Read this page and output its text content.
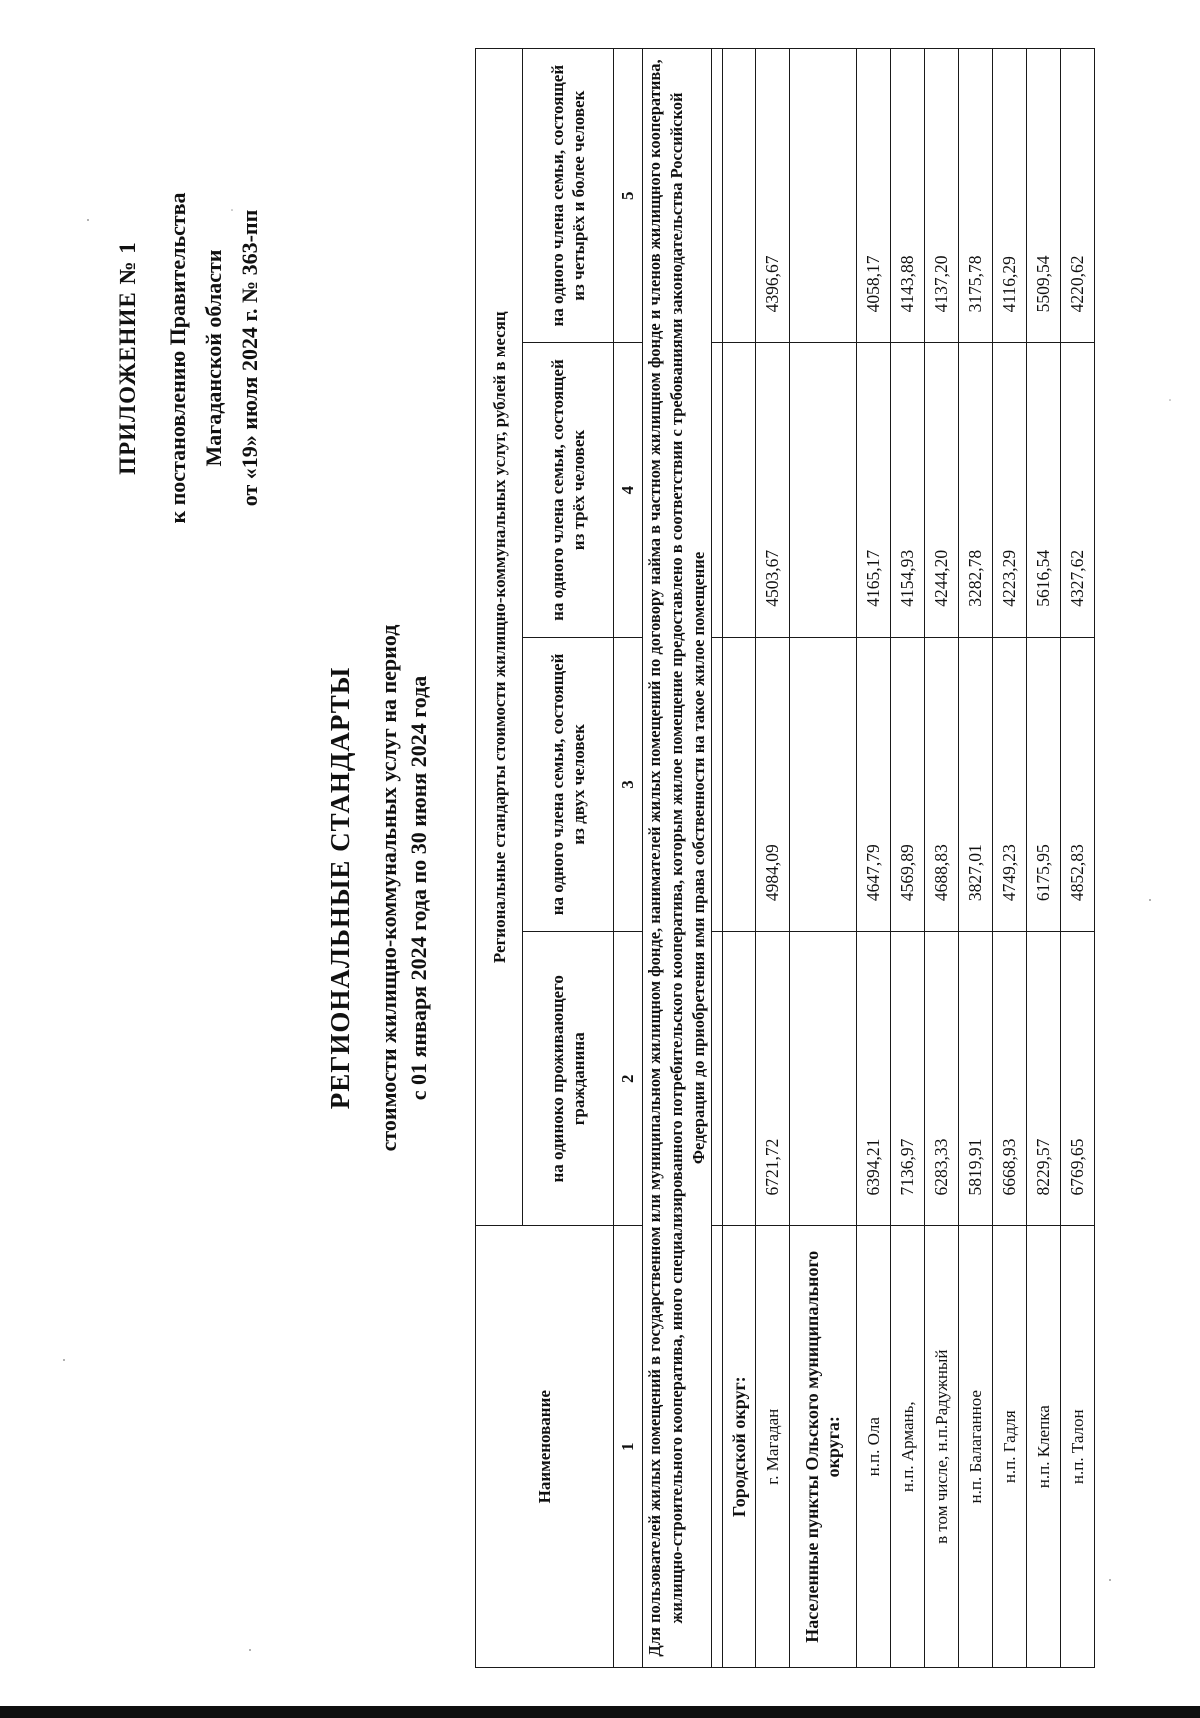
ПРИЛОЖЕНИЕ № 1 к постановлению Правительства Магаданской области от «19» июля 2024 г. № 363-пп
РЕГИОНАЛЬНЫЕ СТАНДАРТЫ стоимости жилищно-коммунальных услуг на период с 01 января 2024 года по 30 июня 2024 года
Наименование	Региональные стандарты стоимости жилищно-коммунальных услуг, рублей в месяц			
	на одиноко проживающего гражданина	на одного члена семьи, состоящей из двух человек	на одного члена семьи, состоящей из трёх человек	на одного члена семьи, состоящей из четырёх и более человек
1	2	3	4	5
Для пользователей жилых помещений в государственном или муниципальном жилищном фонде, нанимателей жилых помещений по договору найма в частном жилищном фонде и членов жилищного кооператива, жилищно-строительного кооператива, иного специализированного потребительского кооператива, которым жилое помещение предоставлено в соответствии с требованиями законодательства Российской Федерации до приобретения ими права собственности на такое жилое помещение				

Городской округ:				
г. Магадан	6721,72	4984,09	4503,67	4396,67
Населенные пункты Ольского муниципального округа:				
н.п. Ола	6394,21	4647,79	4165,17	4058,17
н.п. Армань,	7136,97	4569,89	4154,93	4143,88
в том числе, н.п.Радужный	6283,33	4688,83	4244,20	4137,20
н.п. Балаганное	5819,91	3827,01	3282,78	3175,78
н.п. Гадля	6668,93	4749,23	4223,29	4116,29
н.п. Клепка	8229,57	6175,95	5616,54	5509,54
н.п. Талон	6769,65	4852,83	4327,62	4220,62
